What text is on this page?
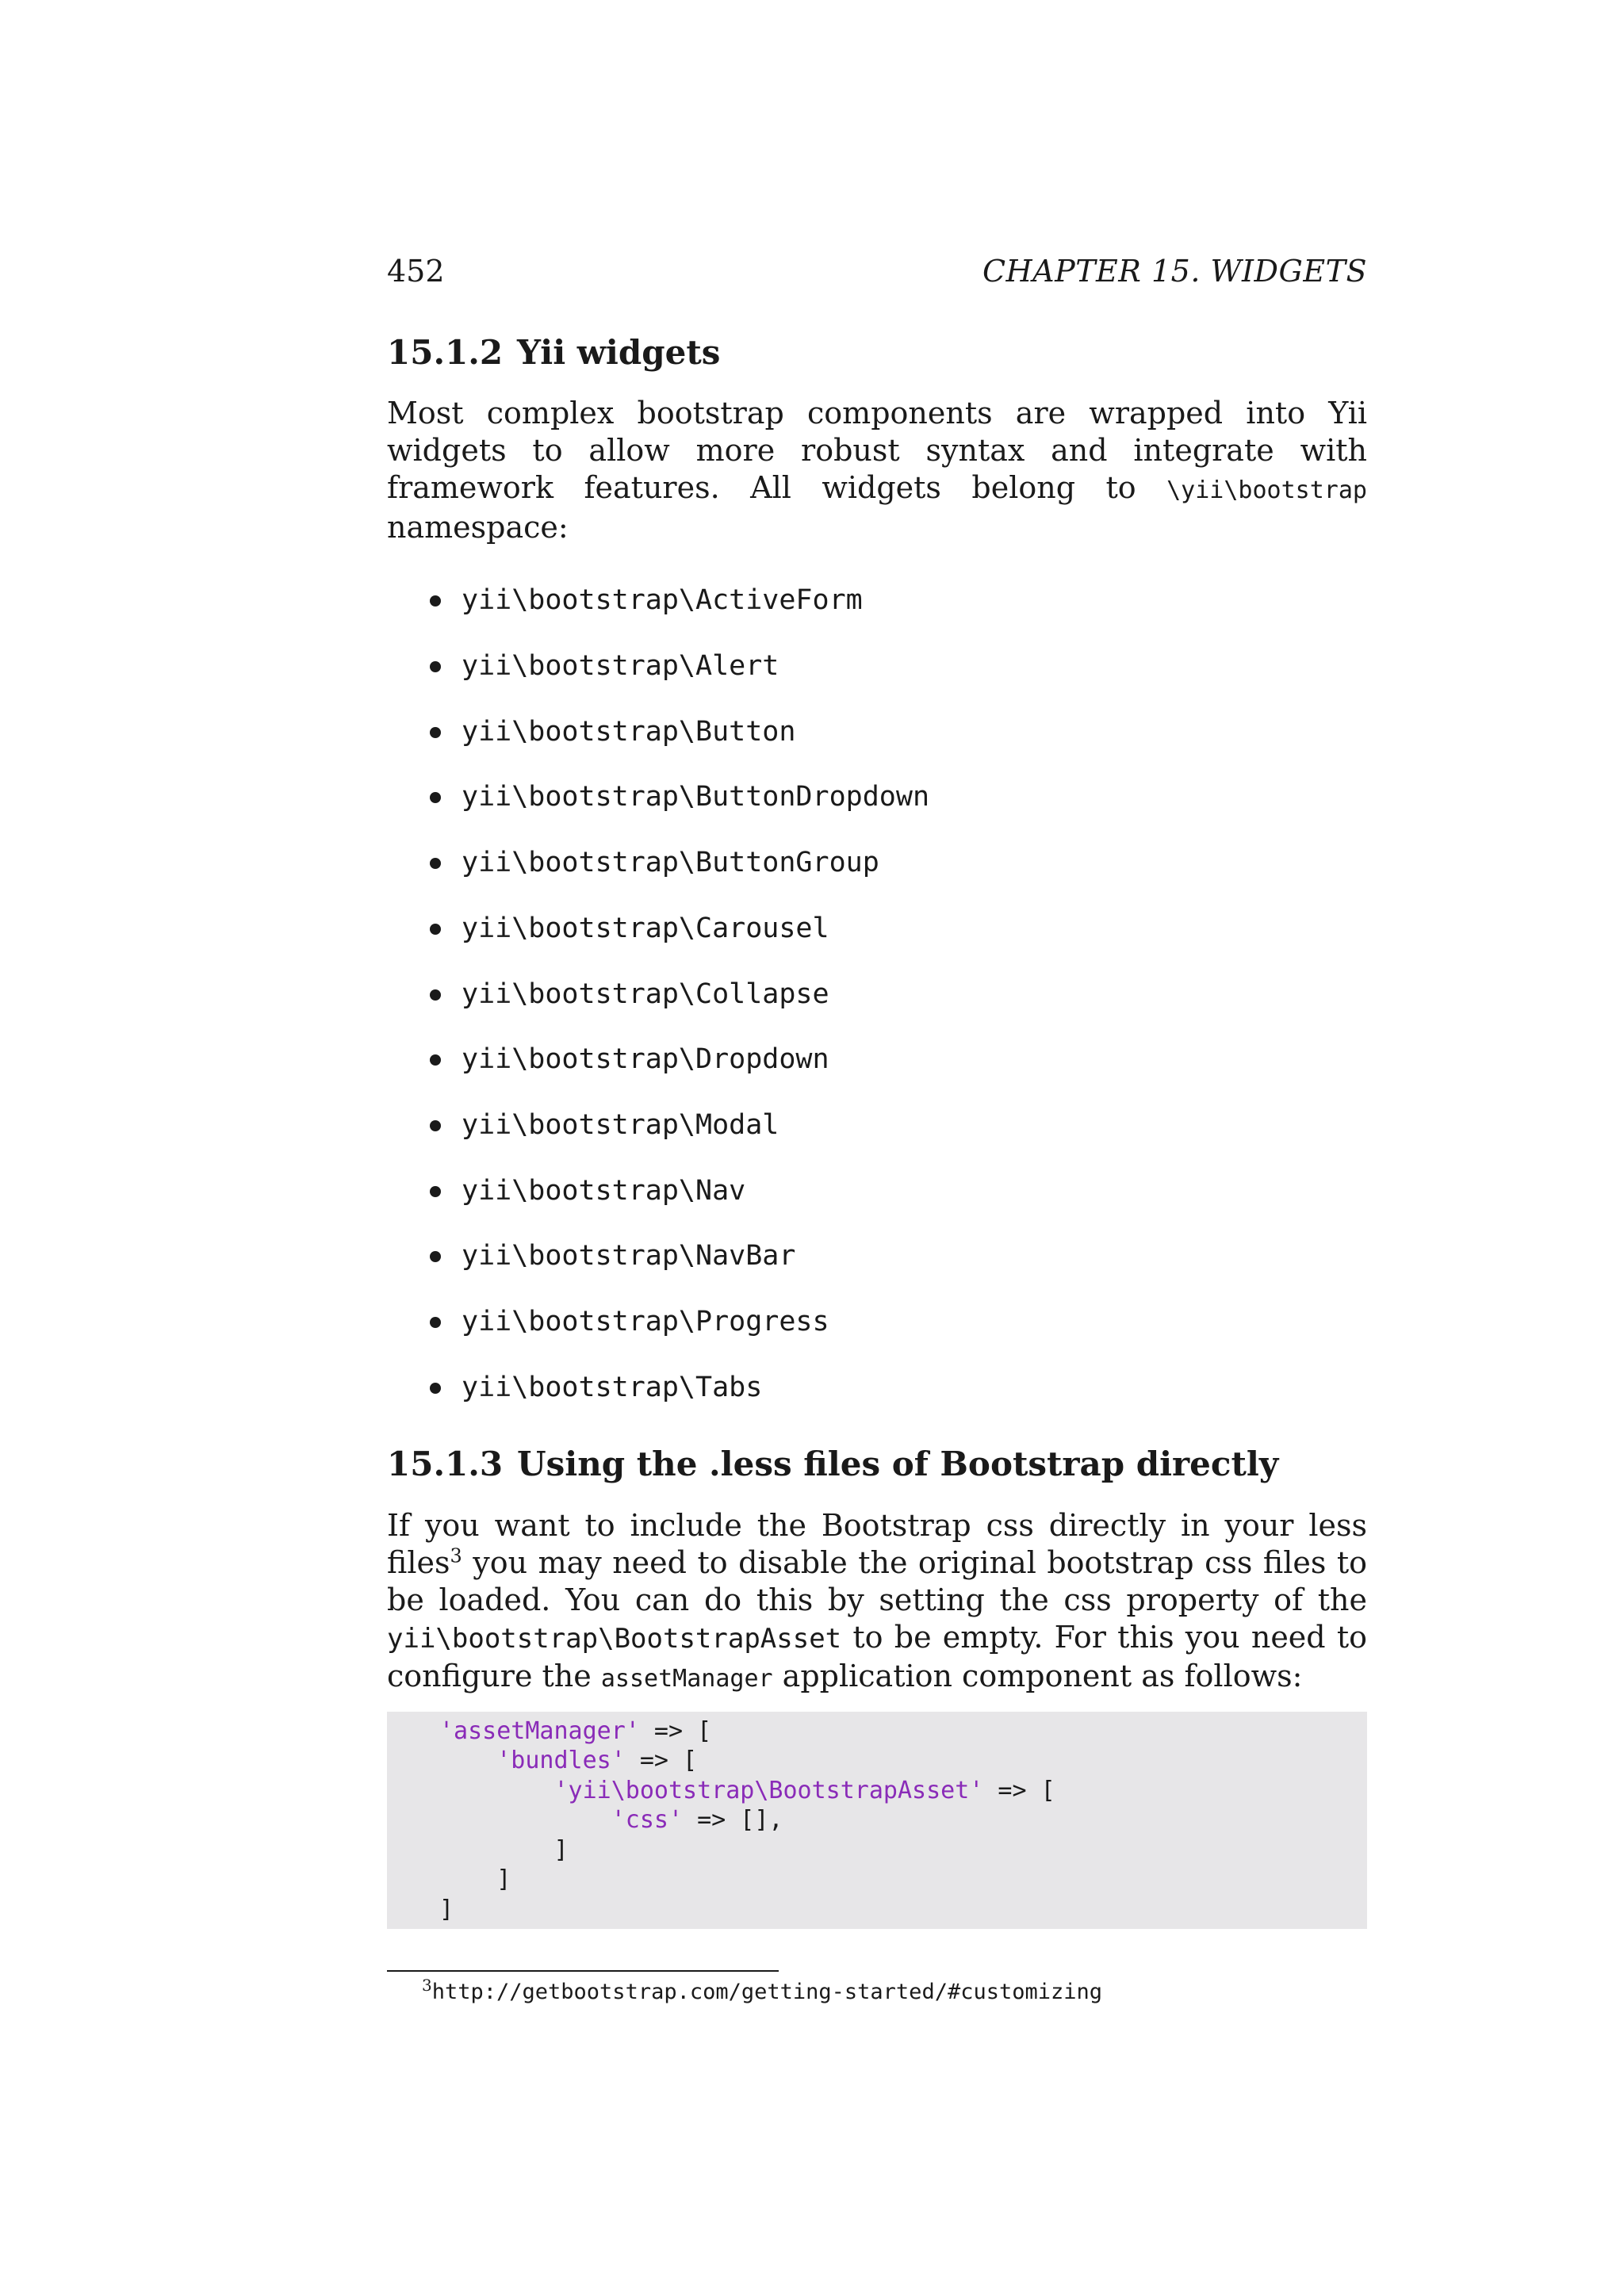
452	CHAPTER 15. WIDGETS
15.1.2 Yii widgets

Most complex bootstrap components are wrapped into Yii widgets to allow more robust syntax and integrate with framework features. All widgets belong to \yii\bootstrap namespace:

yii\bootstrap\ActiveForm
yii\bootstrap\Alert
yii\bootstrap\Button
yii\bootstrap\ButtonDropdown
yii\bootstrap\ButtonGroup
yii\bootstrap\Carousel
yii\bootstrap\Collapse
yii\bootstrap\Dropdown
yii\bootstrap\Modal
yii\bootstrap\Nav
yii\bootstrap\NavBar
yii\bootstrap\Progress
yii\bootstrap\Tabs
15.1.3 Using the .less files of Bootstrap directly

If you want to include the Bootstrap css directly in your less files$^3$ you may need to disable the original bootstrap css files to be loaded. You can do this by setting the css property of the yii\bootstrap\BootstrapAsset to be empty. For this you need to configure the assetManager application component as follows:

'assetManager' => [
'bundles' => [
'yii\bootstrap\BootstrapAsset' => [
'css' => [],
]
]
]
$^3$http://getbootstrap.com/getting-started/#customizing
